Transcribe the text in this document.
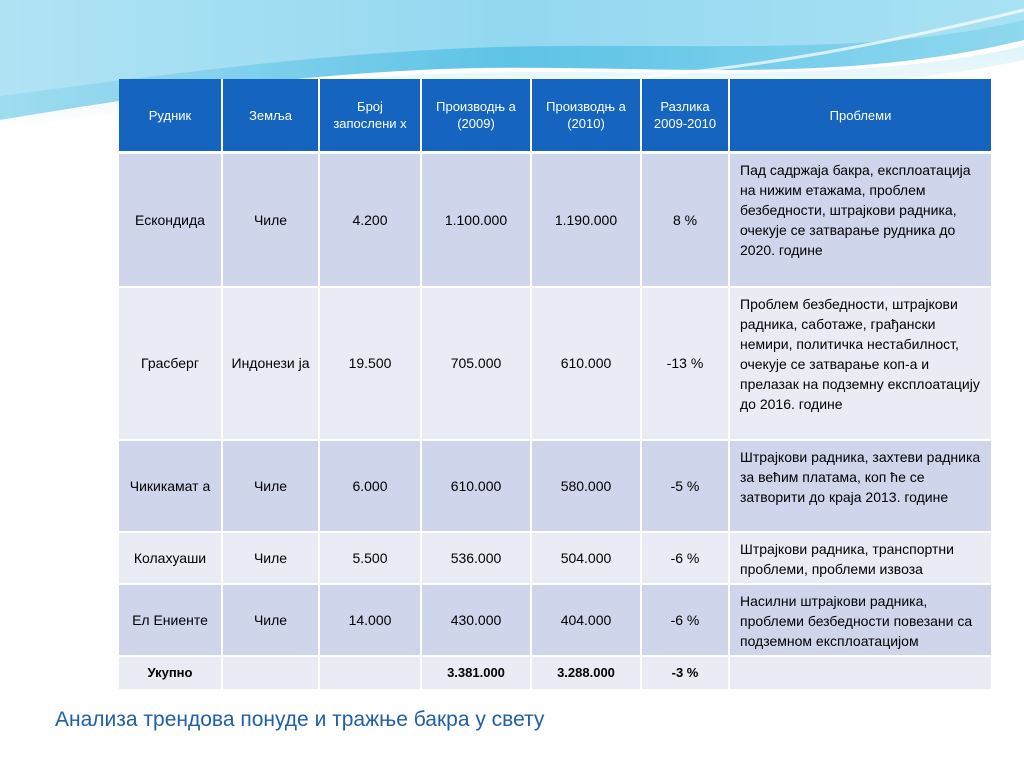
Рудник	Земља	Број запослени х	Производњ а (2009)	Производњ а (2010)	Разлика 2009-2010	Проблеми
Ескондида	Чиле	4.200	1.100.000	1.190.000	8 %	Пад садржаја бакра, експлоатација на нижим етажама, проблем безбедности, штрајкови радника, очекује се затварање рудника до 2020. године
Грасберг	Индонези ја	19.500	705.000	610.000	-13 %	Проблем безбедности, штрајкови радника, саботаже, грађански немири, политичка нестабилност, очекује се затварање коп-а и прелазак на подземну експлоатацију до 2016. године
Чикикамат а	Чиле	6.000	610.000	580.000	-5 %	Штрајкови радника, захтеви радника за већим платама, коп ће се затворити до краја 2013. године
Колахуаши	Чиле	5.500	536.000	504.000	-6 %	Штрајкови радника, транспортни проблеми, проблеми извоза
Ел Ениенте	Чиле	14.000	430.000	404.000	-6 %	Насилни штрајкови радника, проблеми безбедности повезани са подземном експлоатацијом
Укупно			3.381.000	3.288.000	-3 %	
Анализа трендова понуде и тражње бакра у свету
